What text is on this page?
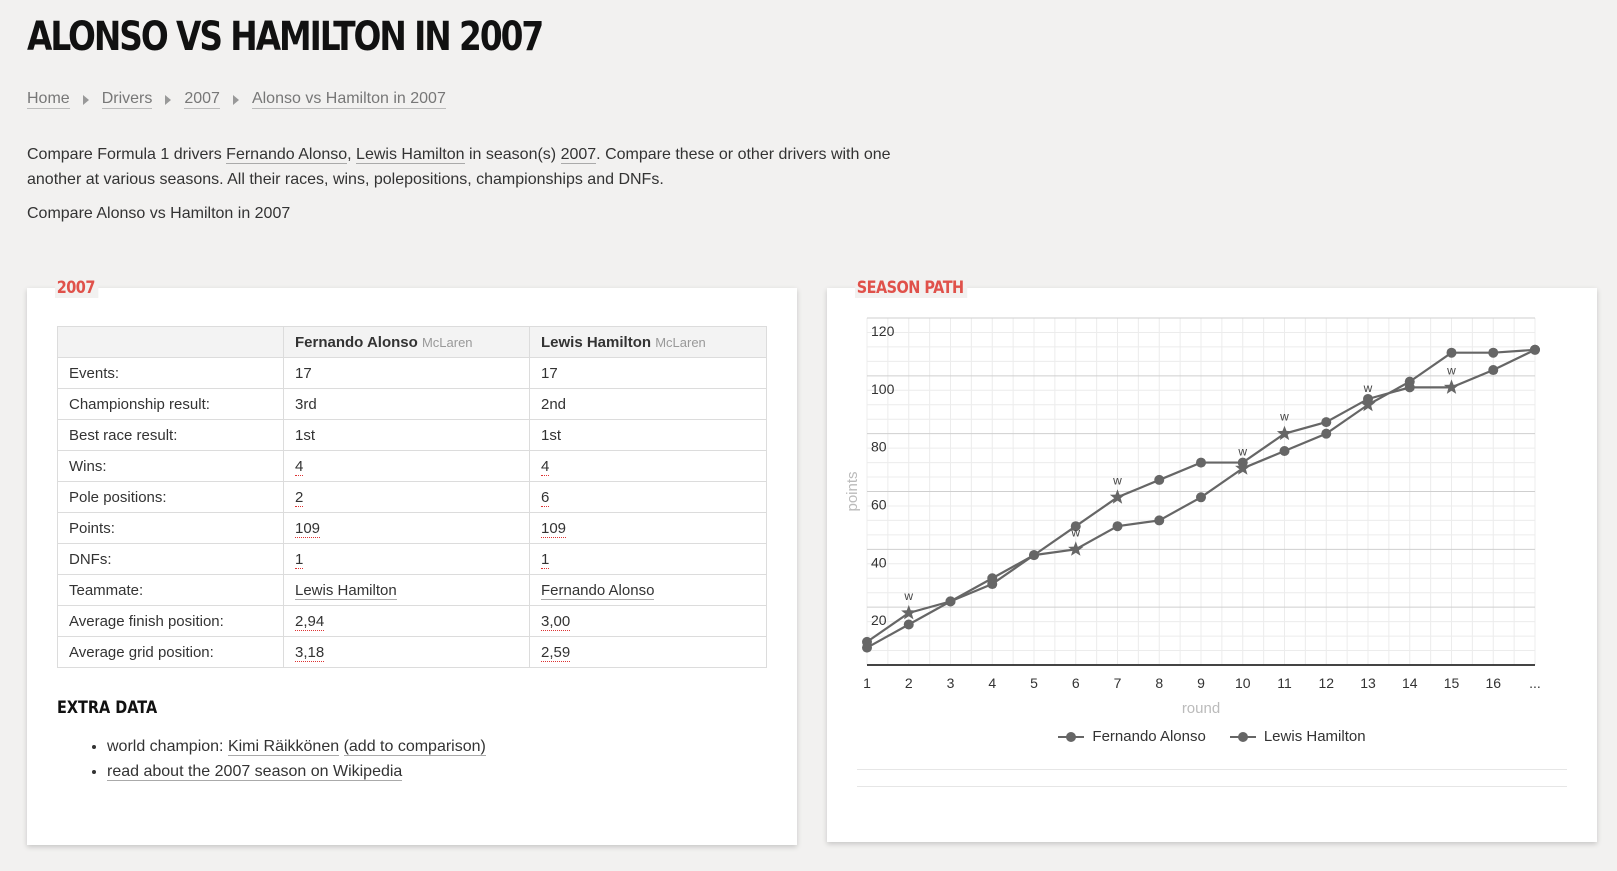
ALONSO VS HAMILTON IN 2007
Home Drivers 2007 Alonso vs Hamilton in 2007

Compare Formula 1 drivers Fernando Alonso, Lewis Hamilton in season(s) 2007. Compare these or other drivers with one another at various seasons. All their races, wins, polepositions, championships and DNFs.

Compare Alonso vs Hamilton in 2007

2007
	Fernando Alonso McLaren	Lewis Hamilton McLaren
Events:	17	17
Championship result:	3rd	2nd
Best race result:	1st	1st
Wins:	4	4
Pole positions:	2	6
Points:	109	109
DNFs:	1	1
Teammate:	Lewis Hamilton	Fernando Alonso
Average finish position:	2,94	3,00
Average grid position:	3,18	2,59
EXTRA DATA
• world champion: Kimi Räikkönen (add to comparison)
• read about the 2007 season on Wikipedia
SEASON PATH
20
40
60
80
100
120
1 2 3 4 5 6 7 8 9 10 11 12 13 14 15 16 ...
round
points
w
w
w
w
w
w
w
Fernando Alonso	Lewis Hamilton
